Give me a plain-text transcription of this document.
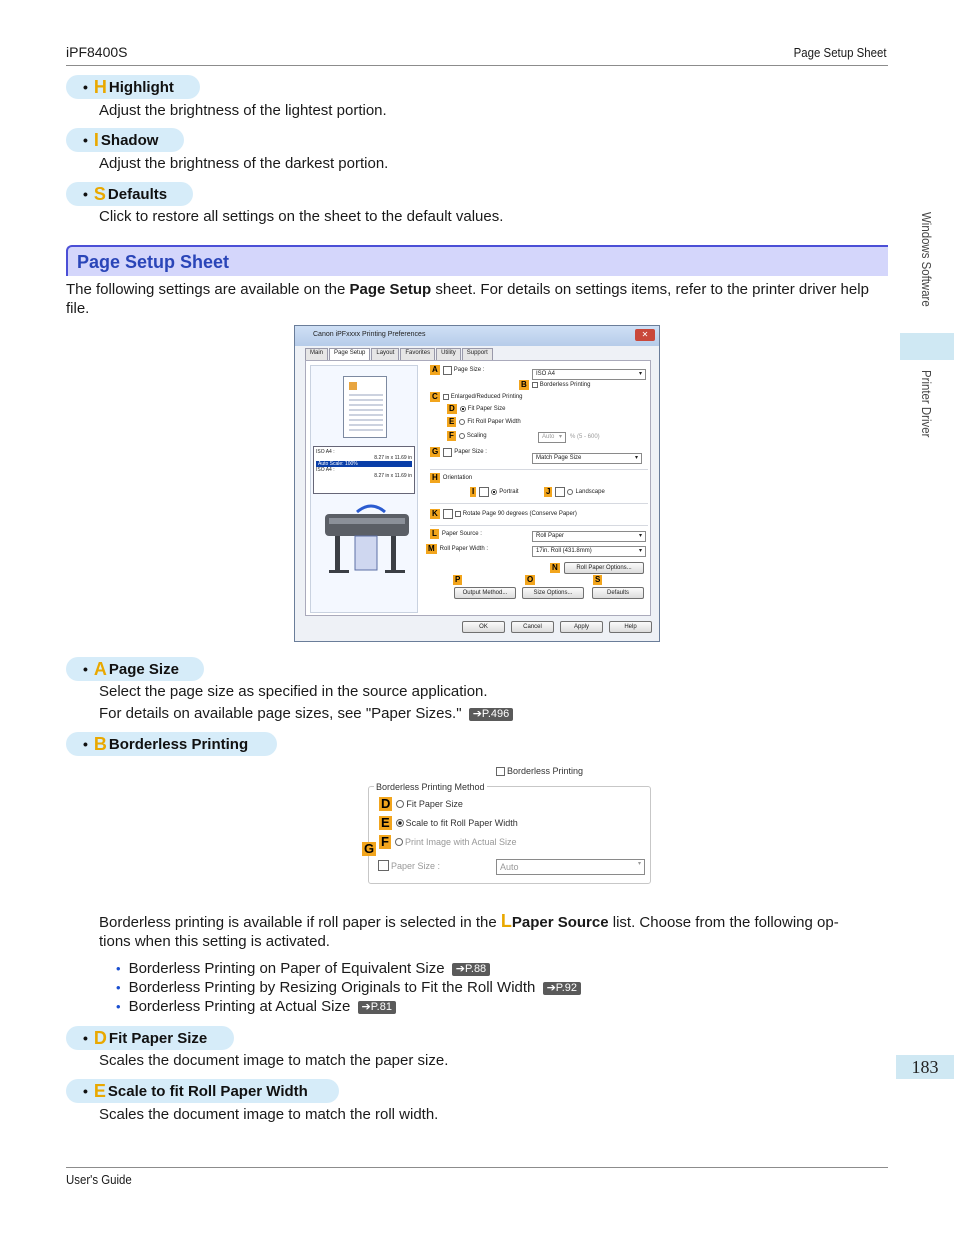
iPF8400S	Page Setup Sheet
• H Highlight
Adjust the brightness of the lightest portion.
• I Shadow
Adjust the brightness of the darkest portion.
• S Defaults
Click to restore all settings on the sheet to the default values.
Page Setup Sheet
The following settings are available on the Page Setup sheet. For details on settings items, refer to the printer driver help file.
Canon iPFxxxx Printing Preferences	✕
Main	Page Setup	Layout	Favorites	Utility	Support
ISO A4 :
8.27 in x 11.69 in
Auto Scale: 100%
ISO A4 :
8.27 in x 11.69 in
A	Page Size :
ISO A4 ▾
B	Borderless Printing
C	Enlarged/Reduced Printing
D	Fit Paper Size
E	Fit Roll Paper Width
F	Scaling	Auto ▾	% (5 - 600)
G	Paper Size :
Match Page Size ▾
H Orientation
I	Portrait	J	Landscape
K	Rotate Page 90 degrees (Conserve Paper)
L Paper Source :	Roll Paper ▾
M Roll Paper Width :	17in. Roll (431.8mm) ▾
N	Roll Paper Options...
P	O	S
Output Method...	Size Options...	Defaults
OK	Cancel	Apply	Help
• A Page Size
Select the page size as specified in the source application.
For details on available page sizes, see "Paper Sizes." ➔P.496
• B Borderless Printing
Borderless Printing
Borderless Printing Method
D Fit Paper Size
E Scale to fit Roll Paper Width
F Print Image with Actual Size
G
Paper Size :	Auto ▾
Borderless printing is available if roll paper is selected in the LPaper Source list. Choose from the following op-
tions when this setting is activated.
• Borderless Printing on Paper of Equivalent Size ➔P.88
• Borderless Printing by Resizing Originals to Fit the Roll Width ➔P.92
• Borderless Printing at Actual Size ➔P.81
• D Fit Paper Size
Scales the document image to match the paper size.
• E Scale to fit Roll Paper Width
Scales the document image to match the roll width.
Windows Software
Printer Driver
183
User's Guide
